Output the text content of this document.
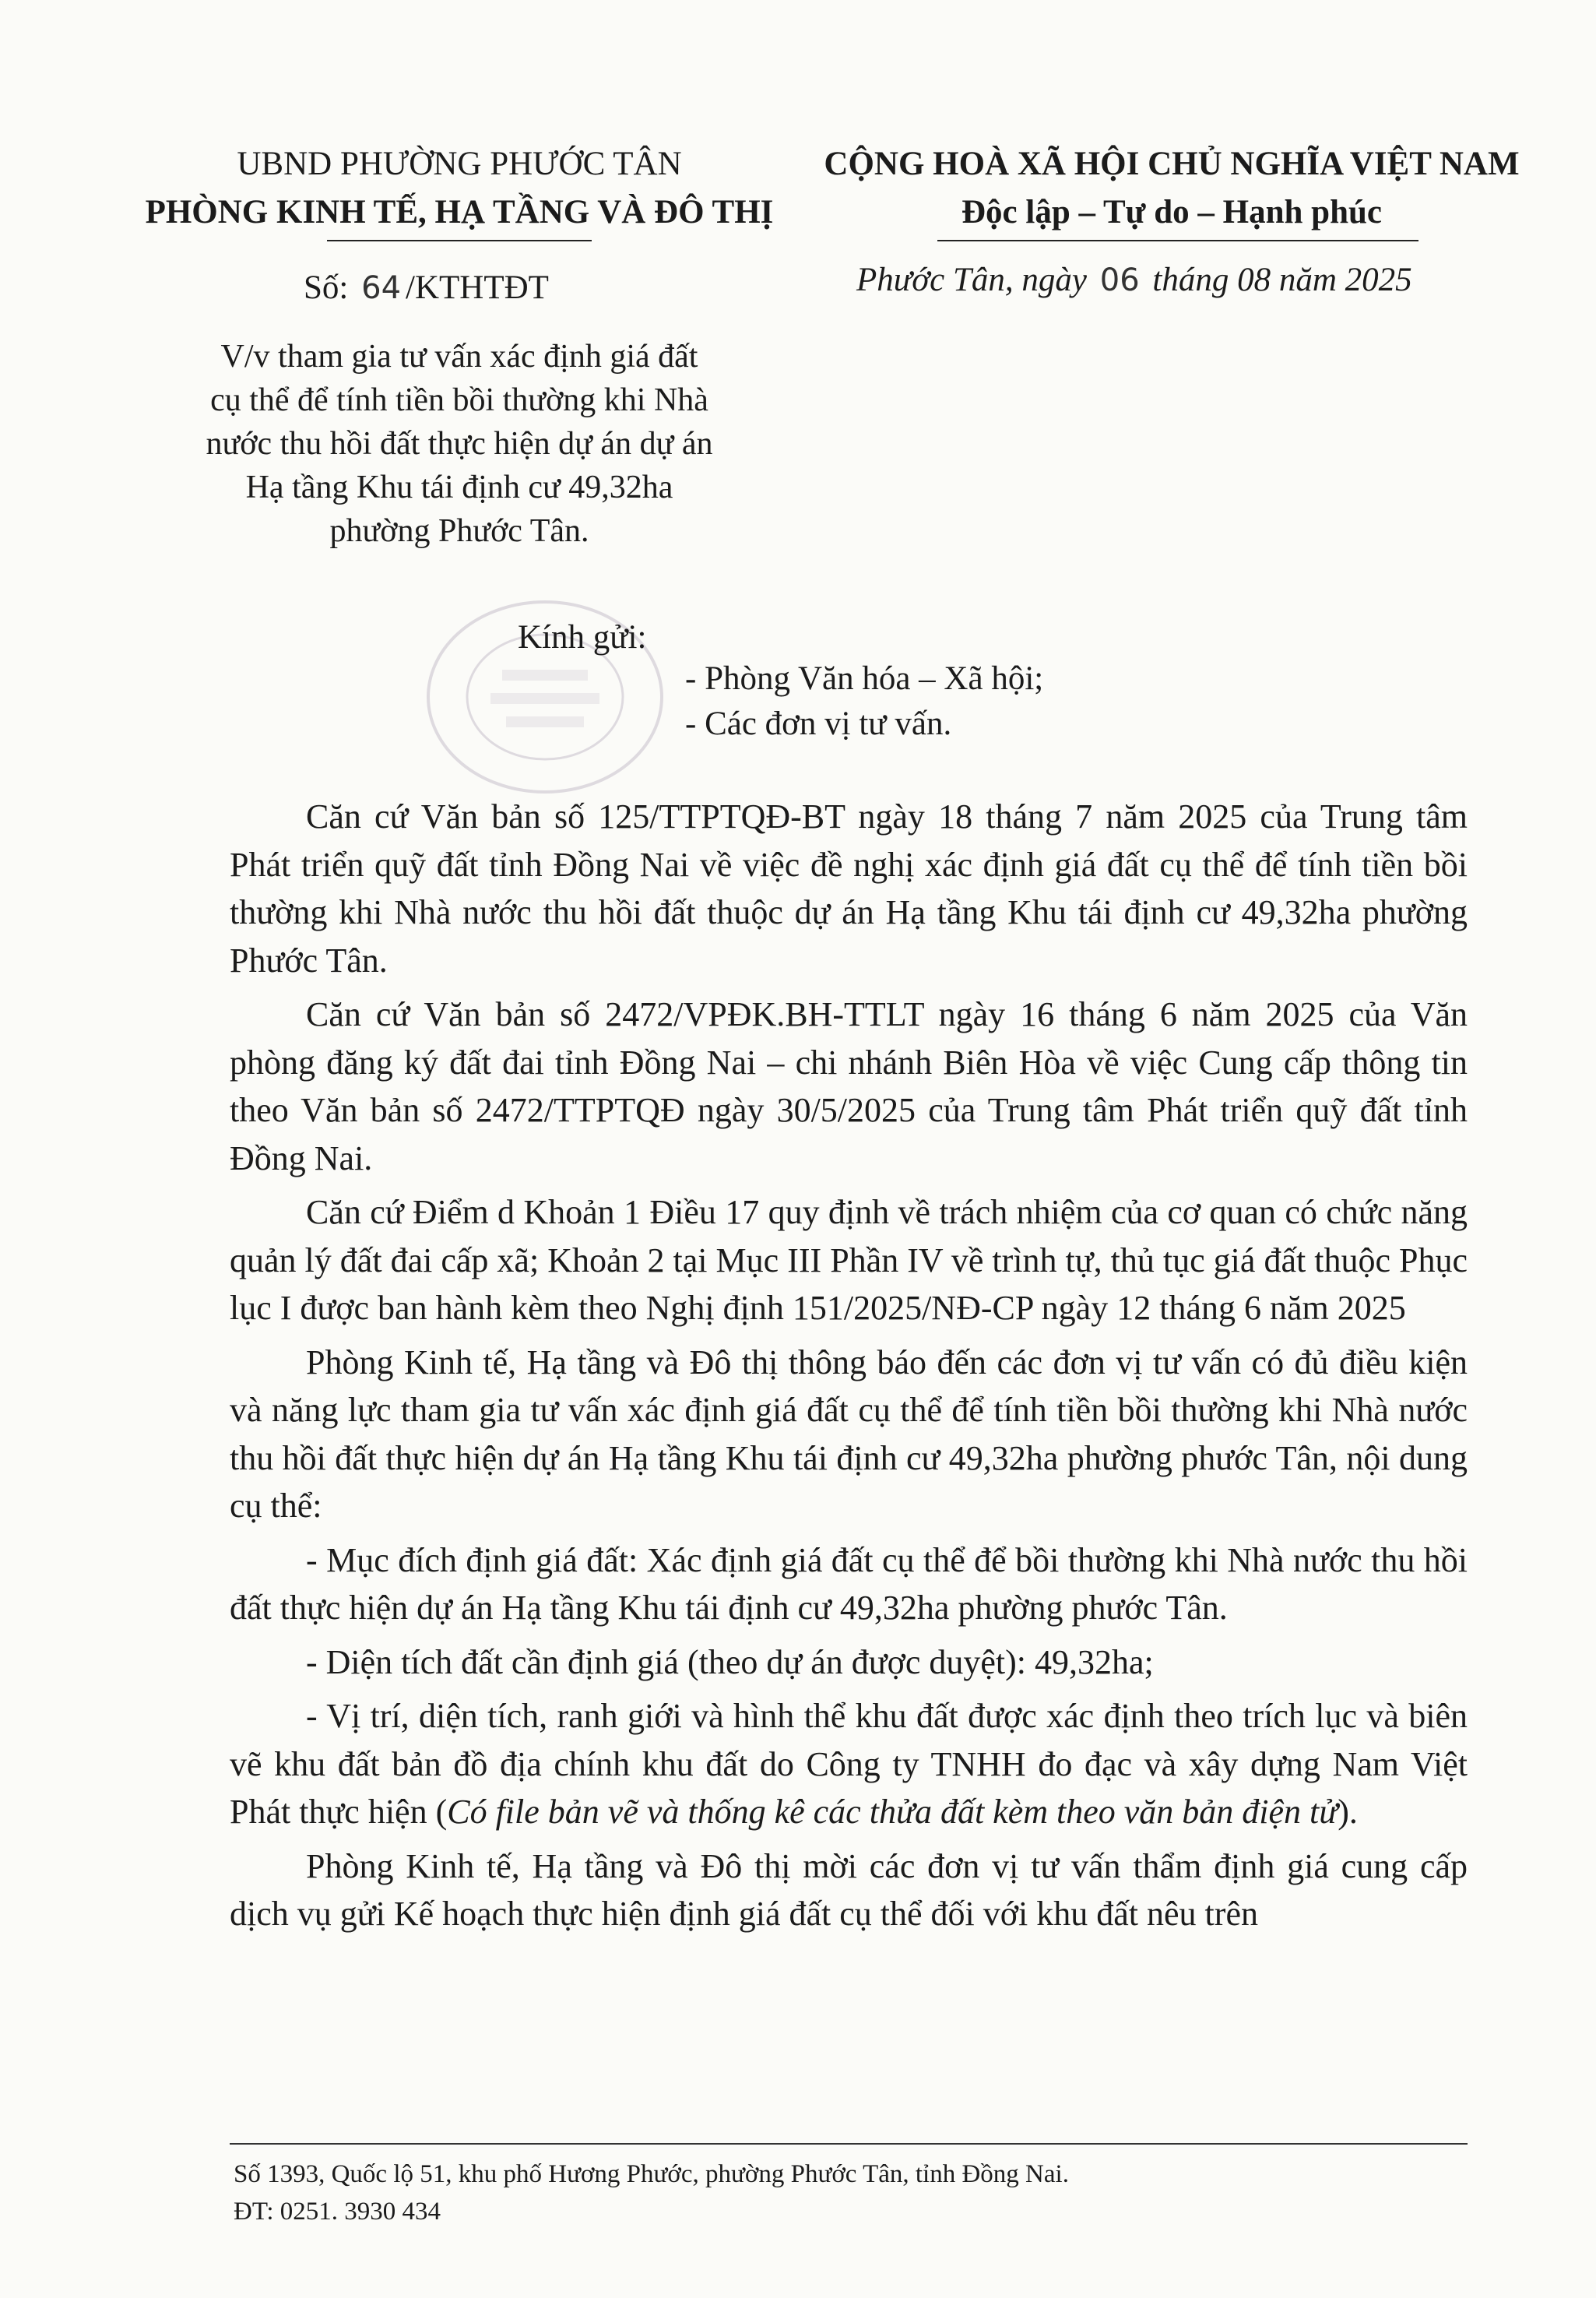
UBND PHƯỜNG PHƯỚC TÂN
PHÒNG KINH TẾ, HẠ TẦNG VÀ ĐÔ THỊ
CỘNG HOÀ XÃ HỘI CHỦ NGHĨA VIỆT NAM
Độc lập – Tự do – Hạnh phúc
Số: 64 /KTHTĐT	Phước Tân, ngày 06 tháng 08 năm 2025
V/v tham gia tư vấn xác định giá đất
cụ thể để tính tiền bồi thường khi Nhà
nước thu hồi đất thực hiện dự án dự án
Hạ tầng Khu tái định cư 49,32ha
phường Phước Tân.
Kính gửi:
- Phòng Văn hóa – Xã hội;
- Các đơn vị tư vấn.

Căn cứ Văn bản số 125/TTPTQĐ-BT ngày 18 tháng 7 năm 2025 của Trung tâm Phát triển quỹ đất tỉnh Đồng Nai về việc đề nghị xác định giá đất cụ thể để tính tiền bồi thường khi Nhà nước thu hồi đất thuộc dự án Hạ tầng Khu tái định cư 49,32ha phường Phước Tân.

Căn cứ Văn bản số 2472/VPĐK.BH-TTLT ngày 16 tháng 6 năm 2025 của Văn phòng đăng ký đất đai tỉnh Đồng Nai – chi nhánh Biên Hòa về việc Cung cấp thông tin theo Văn bản số 2472/TTPTQĐ ngày 30/5/2025 của Trung tâm Phát triển quỹ đất tỉnh Đồng Nai.

Căn cứ Điểm d Khoản 1 Điều 17 quy định về trách nhiệm của cơ quan có chức năng quản lý đất đai cấp xã; Khoản 2 tại Mục III Phần IV về trình tự, thủ tục giá đất thuộc Phục lục I được ban hành kèm theo Nghị định 151/2025/NĐ-CP ngày 12 tháng 6 năm 2025

Phòng Kinh tế, Hạ tầng và Đô thị thông báo đến các đơn vị tư vấn có đủ điều kiện và năng lực tham gia tư vấn xác định giá đất cụ thể để tính tiền bồi thường khi Nhà nước thu hồi đất thực hiện dự án Hạ tầng Khu tái định cư 49,32ha phường phước Tân, nội dung cụ thể:

- Mục đích định giá đất: Xác định giá đất cụ thể để bồi thường khi Nhà nước thu hồi đất thực hiện dự án Hạ tầng Khu tái định cư 49,32ha phường phước Tân.

- Diện tích đất cần định giá (theo dự án được duyệt): 49,32ha;

- Vị trí, diện tích, ranh giới và hình thể khu đất được xác định theo trích lục và biên vẽ khu đất bản đồ địa chính khu đất do Công ty TNHH đo đạc và xây dựng Nam Việt Phát thực hiện (Có file bản vẽ và thống kê các thửa đất kèm theo văn bản điện tử).

Phòng Kinh tế, Hạ tầng và Đô thị mời các đơn vị tư vấn thẩm định giá cung cấp dịch vụ gửi Kế hoạch thực hiện định giá đất cụ thể đối với khu đất nêu trên

Số 1393, Quốc lộ 51, khu phố Hương Phước, phường Phước Tân, tỉnh Đồng Nai.
ĐT: 0251. 3930 434
